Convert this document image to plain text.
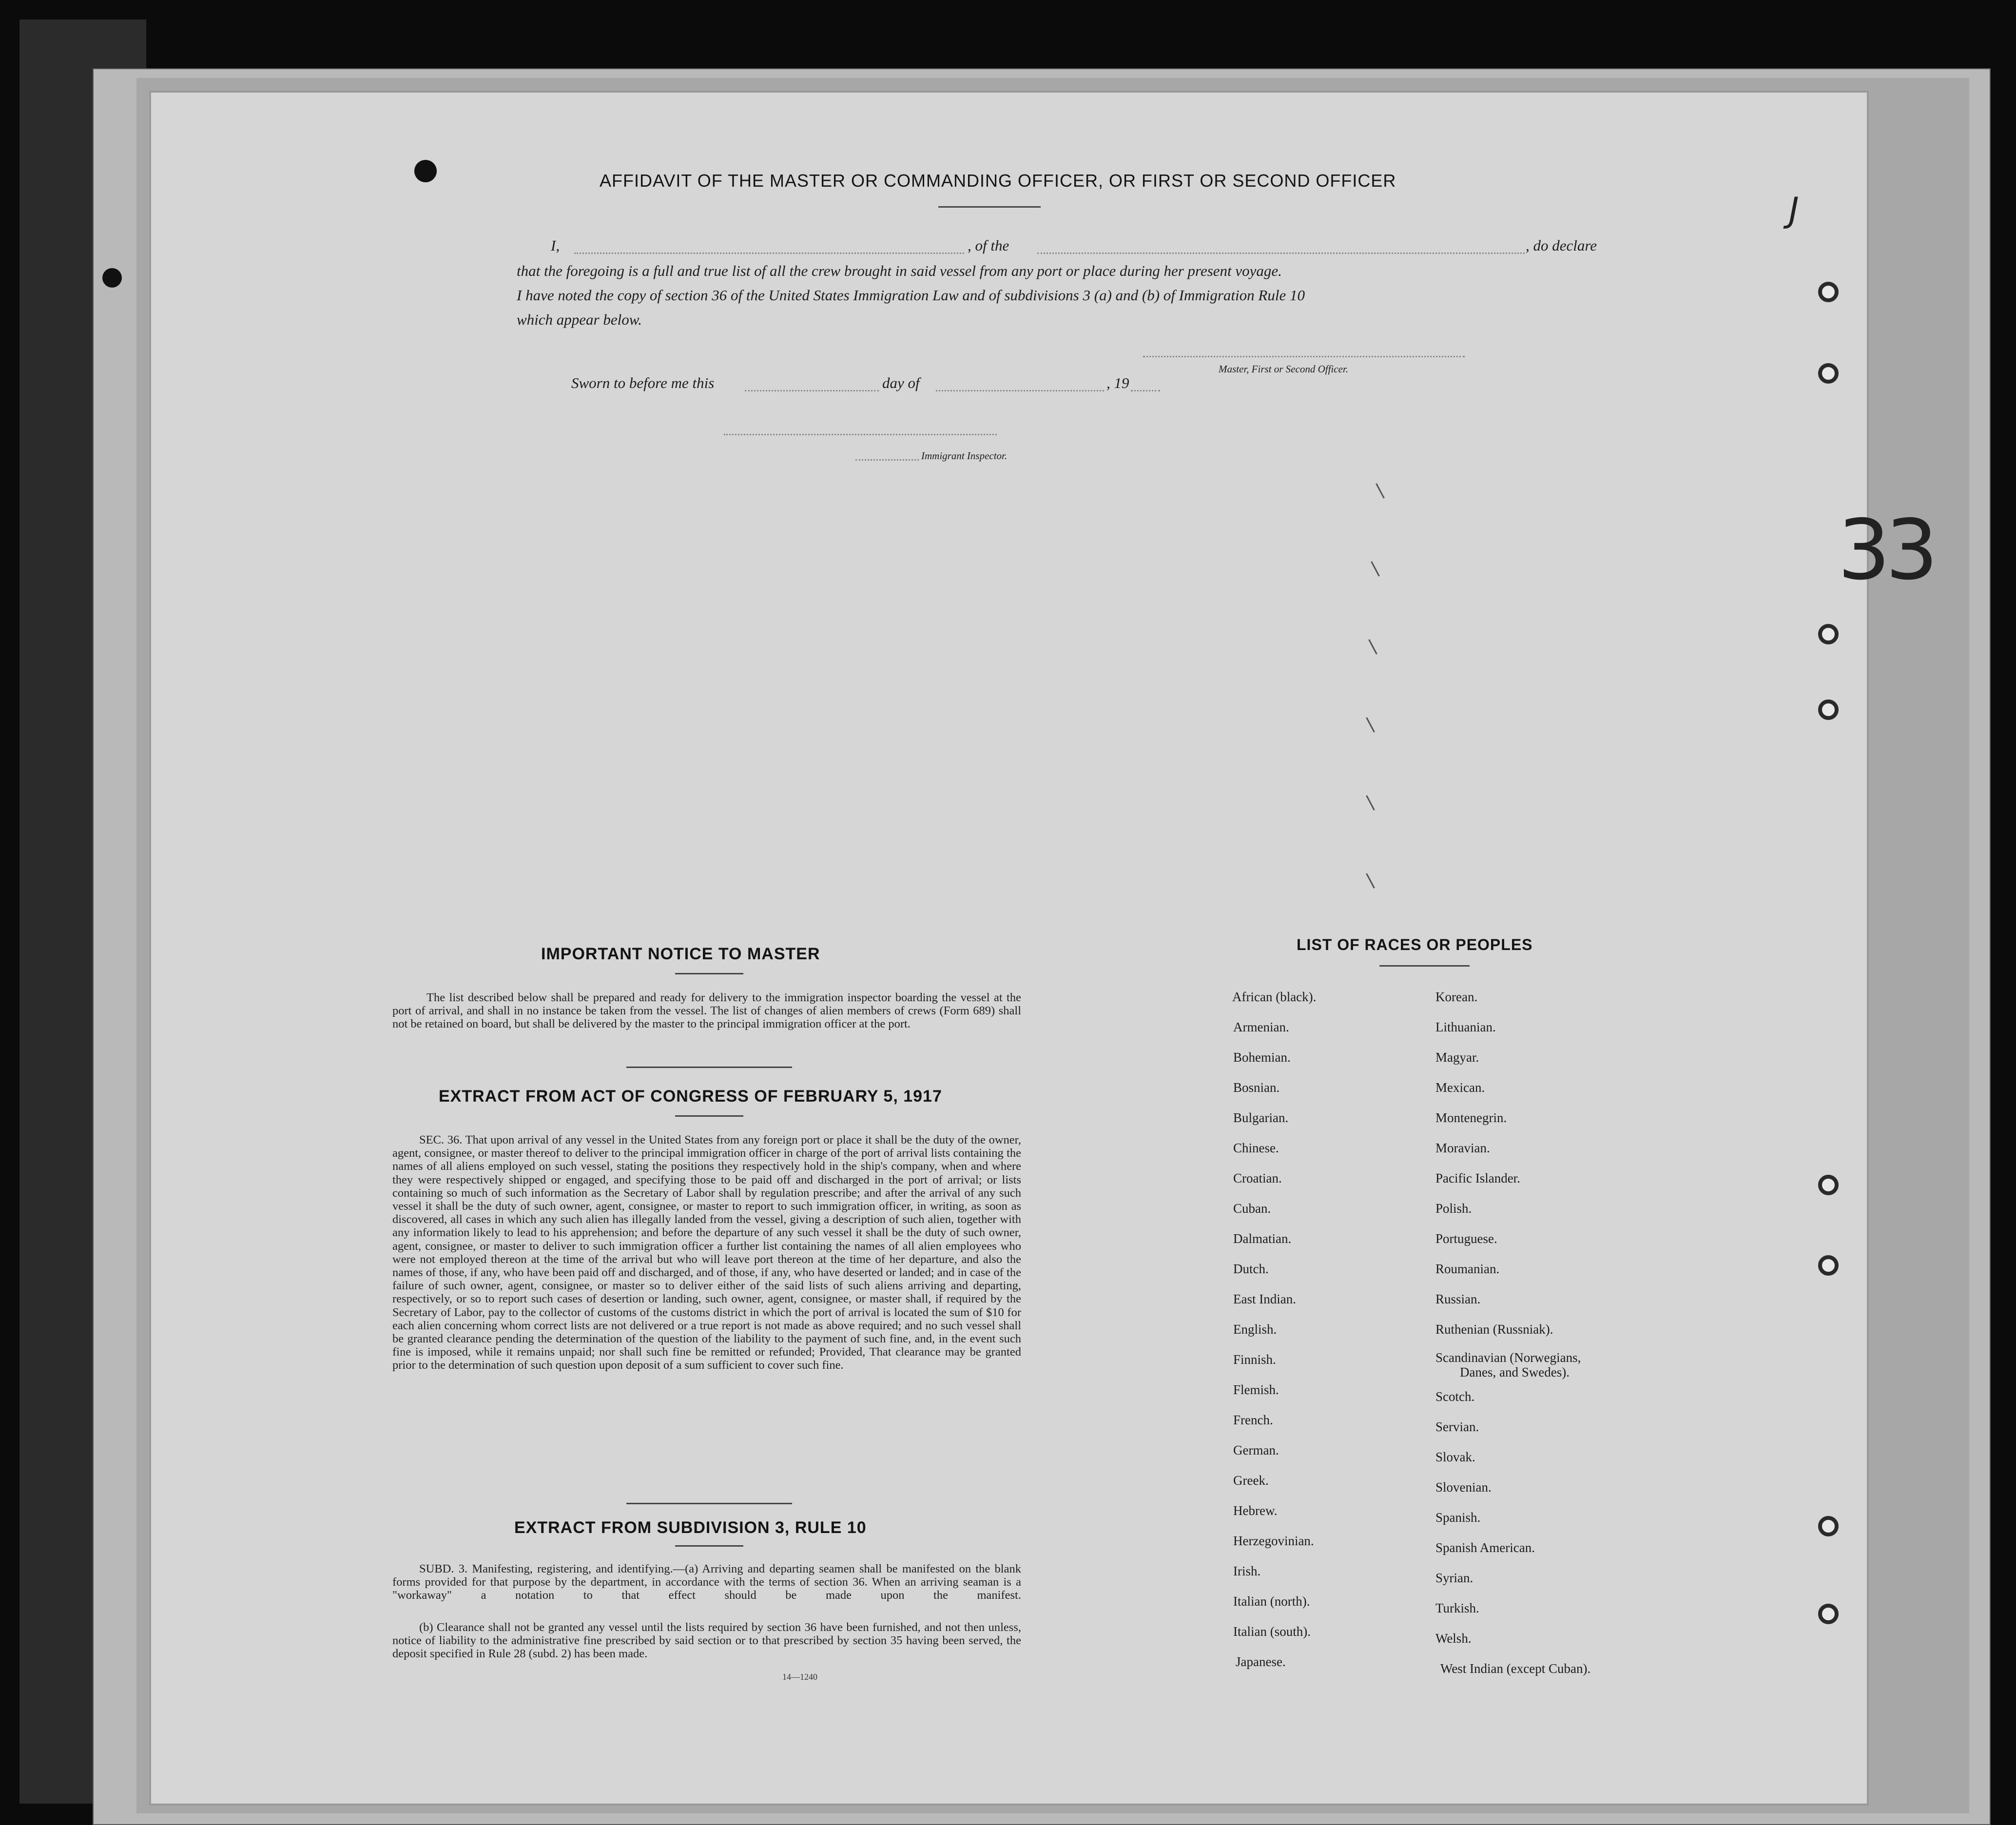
J
33
AFFIDAVIT OF THE MASTER OR COMMANDING OFFICER, OR FIRST OR SECOND OFFICER
I,	, of the	, do declare
that the foregoing is a full and true list of all the crew brought in said vessel from any port or place during her present voyage.
I have noted the copy of section 36 of the United States Immigration Law and of subdivisions 3 (a) and (b) of Immigration Rule 10
which appear below.
Master, First or Second Officer.
Sworn to before me this	day of	, 19
Immigrant Inspector.
IMPORTANT NOTICE TO MASTER
The list described below shall be prepared and ready for delivery to the immigration inspector boarding the vessel at the port of arrival, and shall in no instance be taken from the vessel. The list of changes of alien members of crews (Form 689) shall not be retained on board, but shall be delivered by the master to the principal immigration officer at the port.
EXTRACT FROM ACT OF CONGRESS OF FEBRUARY 5, 1917
SEC. 36. That upon arrival of any vessel in the United States from any foreign port or place it shall be the duty of the owner, agent, consignee, or master thereof to deliver to the principal immigration officer in charge of the port of arrival lists containing the names of all aliens employed on such vessel, stating the positions they respectively hold in the ship's company, when and where they were respectively shipped or engaged, and specifying those to be paid off and discharged in the port of arrival; or lists containing so much of such information as the Secretary of Labor shall by regulation prescribe; and after the arrival of any such vessel it shall be the duty of such owner, agent, consignee, or master to report to such immigration officer, in writing, as soon as discovered, all cases in which any such alien has illegally landed from the vessel, giving a description of such alien, together with any information likely to lead to his apprehension; and before the departure of any such vessel it shall be the duty of such owner, agent, consignee, or master to deliver to such immigration officer a further list containing the names of all alien employees who were not employed thereon at the time of the arrival but who will leave port thereon at the time of her departure, and also the names of those, if any, who have been paid off and discharged, and of those, if any, who have deserted or landed; and in case of the failure of such owner, agent, consignee, or master so to deliver either of the said lists of such aliens arriving and departing, respectively, or so to report such cases of desertion or landing, such owner, agent, consignee, or master shall, if required by the Secretary of Labor, pay to the collector of customs of the customs district in which the port of arrival is located the sum of $10 for each alien concerning whom correct lists are not delivered or a true report is not made as above required; and no such vessel shall be granted clearance pending the determination of the question of the liability to the payment of such fine, and, in the event such fine is imposed, while it remains unpaid; nor shall such fine be remitted or refunded; Provided, That clearance may be granted prior to the determination of such question upon deposit of a sum sufficient to cover such fine.
EXTRACT FROM SUBDIVISION 3, RULE 10
SUBD. 3. Manifesting, registering, and identifying.—(a) Arriving and departing seamen shall be manifested on the blank forms provided for that purpose by the department, in accordance with the terms of section 36. When an arriving seaman is a "workaway" a notation to that effect should be made upon the manifest.
(b) Clearance shall not be granted any vessel until the lists required by section 36 have been furnished, and not then unless, notice of liability to the administrative fine prescribed by said section or to that prescribed by section 35 having been served, the deposit specified in Rule 28 (subd. 2) has been made.
14—1240
LIST OF RACES OR PEOPLES
African (black).
Armenian.
Bohemian.
Bosnian.
Bulgarian.
Chinese.
Croatian.
Cuban.
Dalmatian.
Dutch.
East Indian.
English.
Finnish.
Flemish.
French.
German.
Greek.
Hebrew.
Herzegovinian.
Irish.
Italian (north).
Italian (south).
Japanese.
Korean.
Lithuanian.
Magyar.
Mexican.
Montenegrin.
Moravian.
Pacific Islander.
Polish.
Portuguese.
Roumanian.
Russian.
Ruthenian (Russniak).
Scandinavian (Norwegians,
Danes, and Swedes).
Scotch.
Servian.
Slovak.
Slovenian.
Spanish.
Spanish American.
Syrian.
Turkish.
Welsh.
West Indian (except Cuban).
